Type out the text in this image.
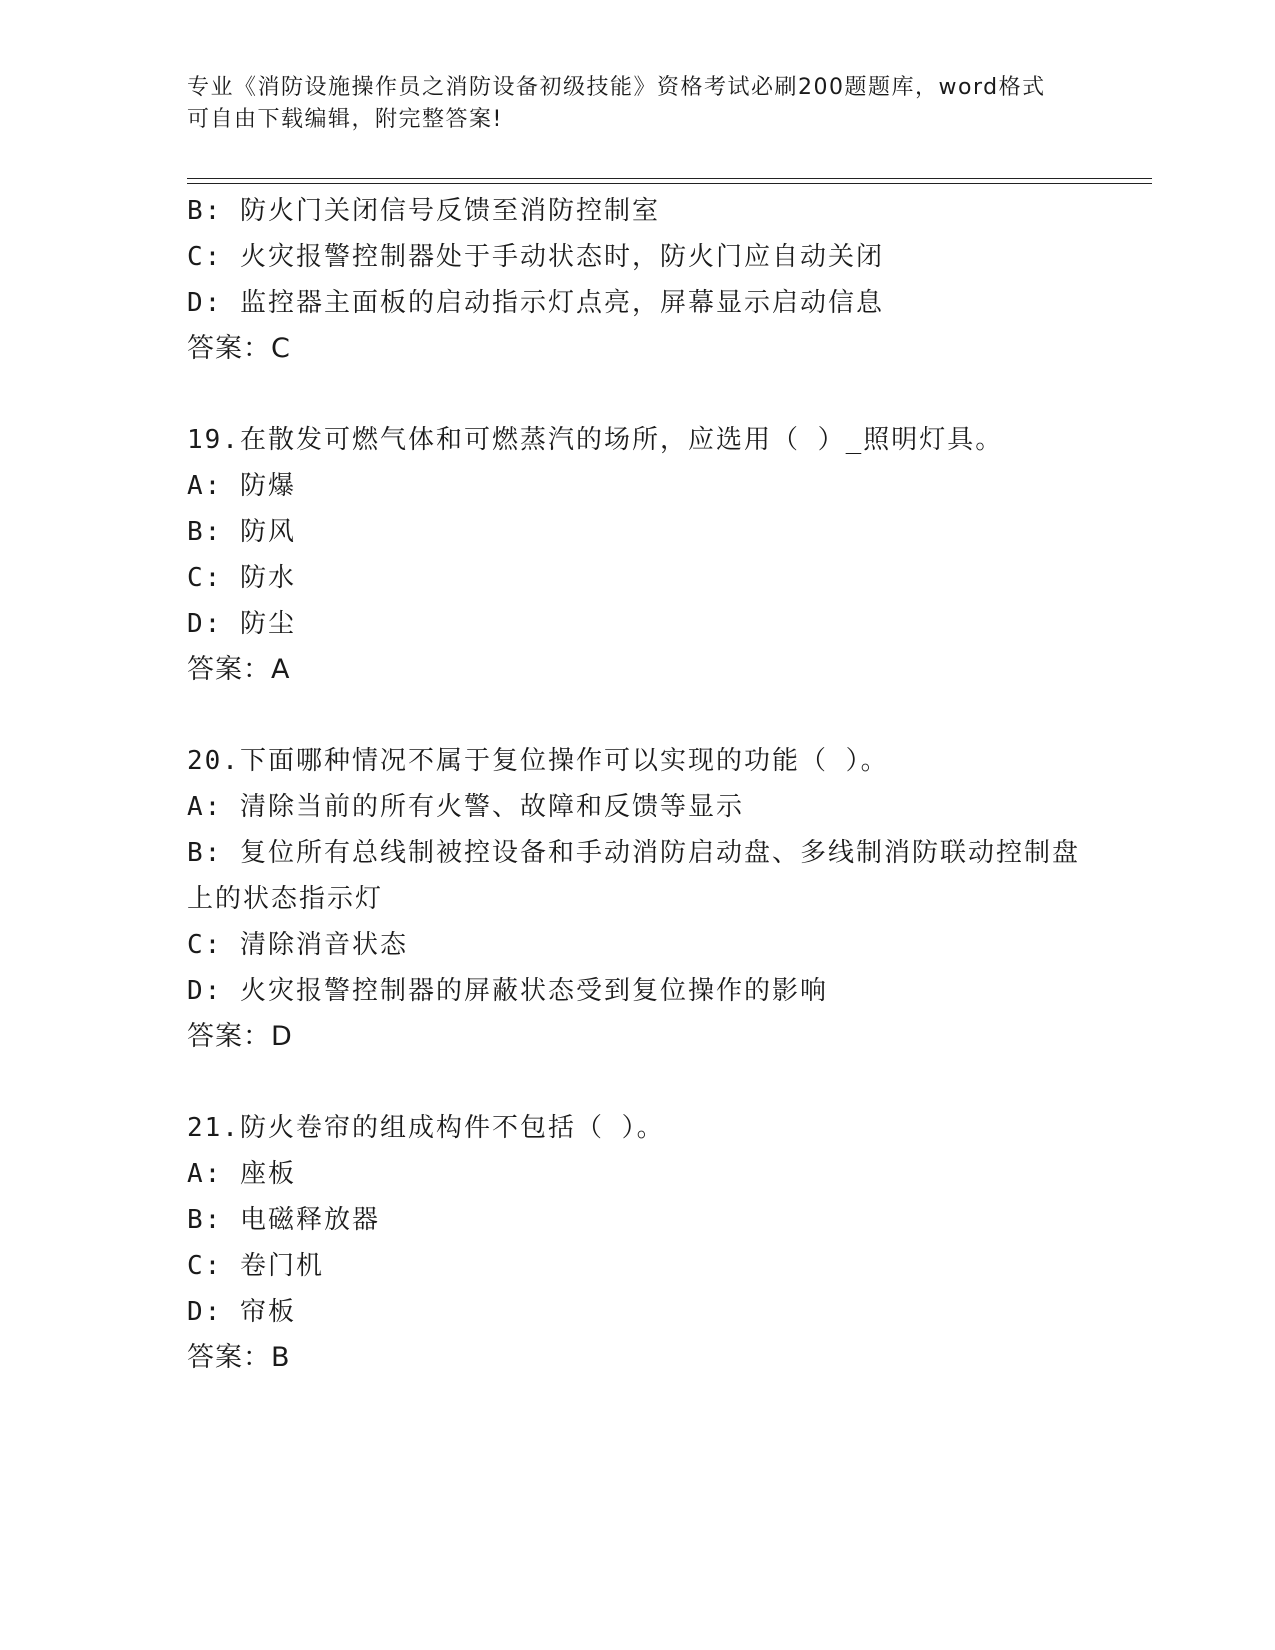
专业《消防设施操作员之消防设备初级技能》资格考试必刷200题题库，word格式可自由下载编辑，附完整答案!
B: 防火门关闭信号反馈至消防控制室
C: 火灾报警控制器处于手动状态时，防火门应自动关闭
D: 监控器主面板的启动指示灯点亮，屏幕显示启动信息
答案：C
19.在散发可燃气体和可燃蒸汽的场所，应选用（ ）_照明灯具。
A: 防爆
B: 防风
C: 防水
D: 防尘
答案：A
20.下面哪种情况不属于复位操作可以实现的功能（ ）。
A: 清除当前的所有火警、故障和反馈等显示
B: 复位所有总线制被控设备和手动消防启动盘、多线制消防联动控制盘上的状态指示灯
C: 清除消音状态
D: 火灾报警控制器的屏蔽状态受到复位操作的影响
答案：D
21.防火卷帘的组成构件不包括（ ）。
A: 座板
B: 电磁释放器
C: 卷门机
D: 帘板
答案：B
